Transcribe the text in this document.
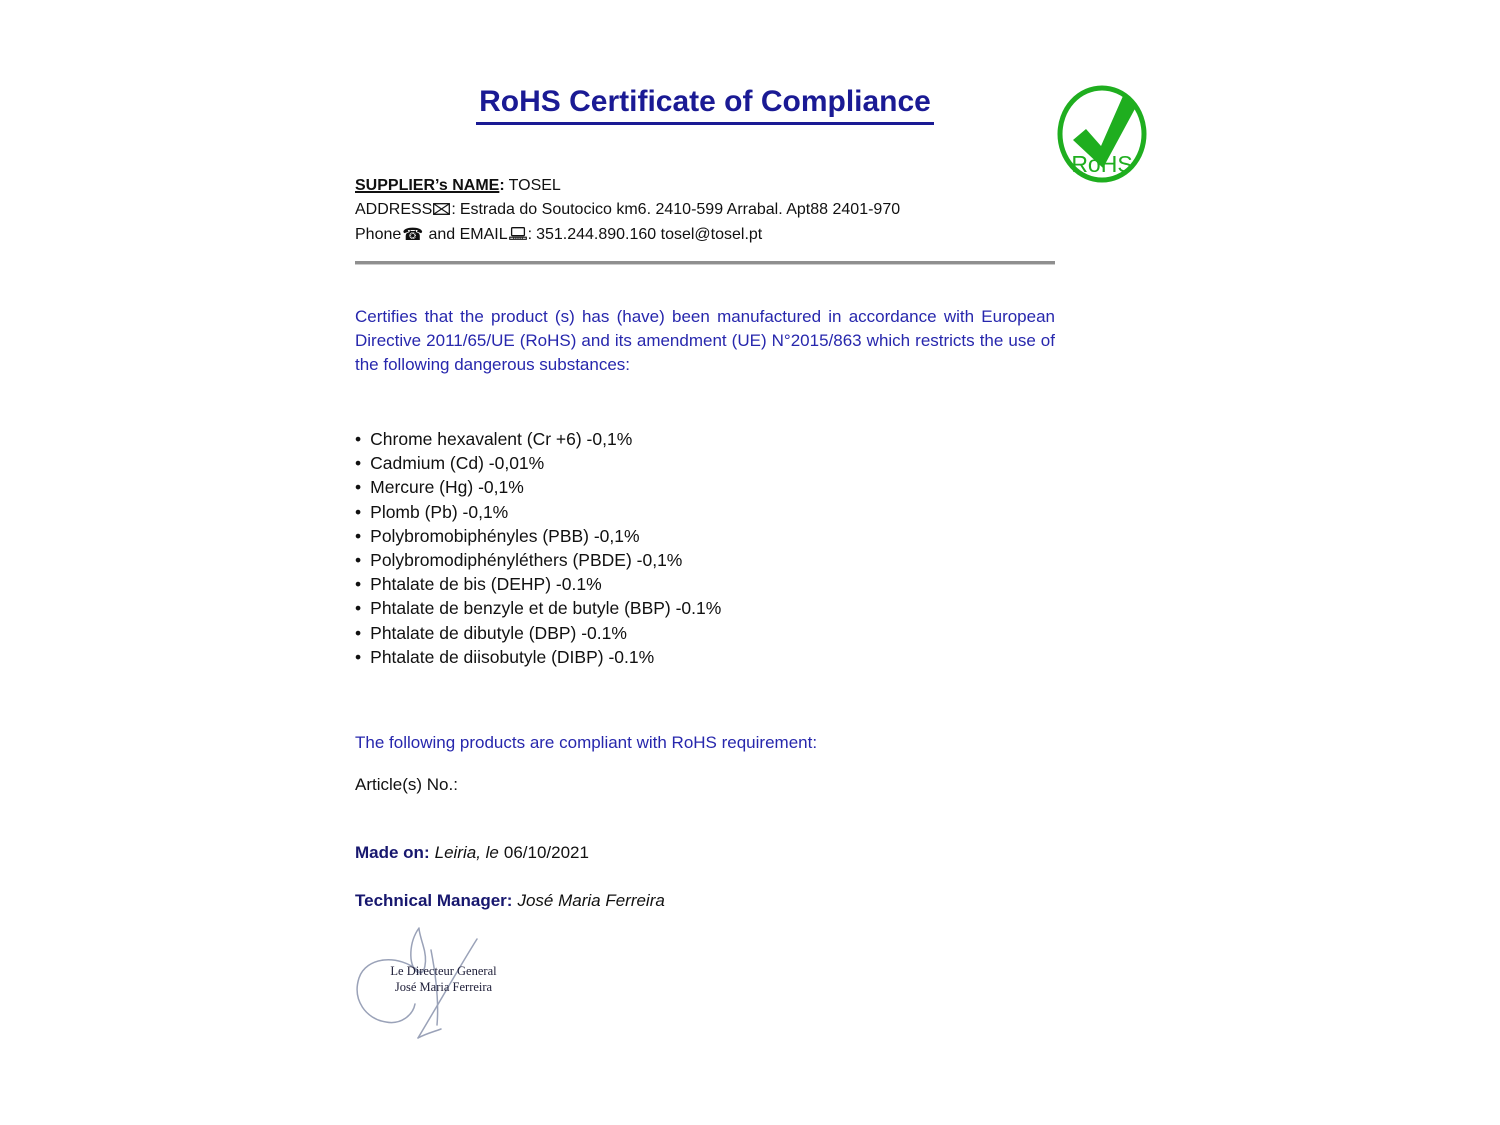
RoHS Certificate of Compliance
RoHS
SUPPLIER’s NAME: TOSEL
ADDRESS : Estrada do Soutocico km6. 2410-599 Arrabal. Apt88 2401-970
Phone☎ and EMAIL : 351.244.890.160 tosel@tosel.pt

Certifies that the product (s) has (have) been manufactured in accordance with European Directive 2011/65/UE (RoHS) and its amendment (UE) N°2015/863 which restricts the use of the following dangerous substances:

• Chrome hexavalent (Cr +6) -0,1%
• Cadmium (Cd) -0,01%
• Mercure (Hg) -0,1%
• Plomb (Pb) -0,1%
• Polybromobiphényles (PBB) -0,1%
• Polybromodiphényléthers (PBDE) -0,1%
• Phtalate de bis (DEHP) -0.1%
• Phtalate de benzyle et de butyle (BBP) -0.1%
• Phtalate de dibutyle (DBP) -0.1%
• Phtalate de diisobutyle (DIBP) -0.1%

The following products are compliant with RoHS requirement:

Article(s) No.:

Made on: Leiria, le 06/10/2021

Technical Manager: José Maria Ferreira

Le Directeur General
José Maria Ferreira
